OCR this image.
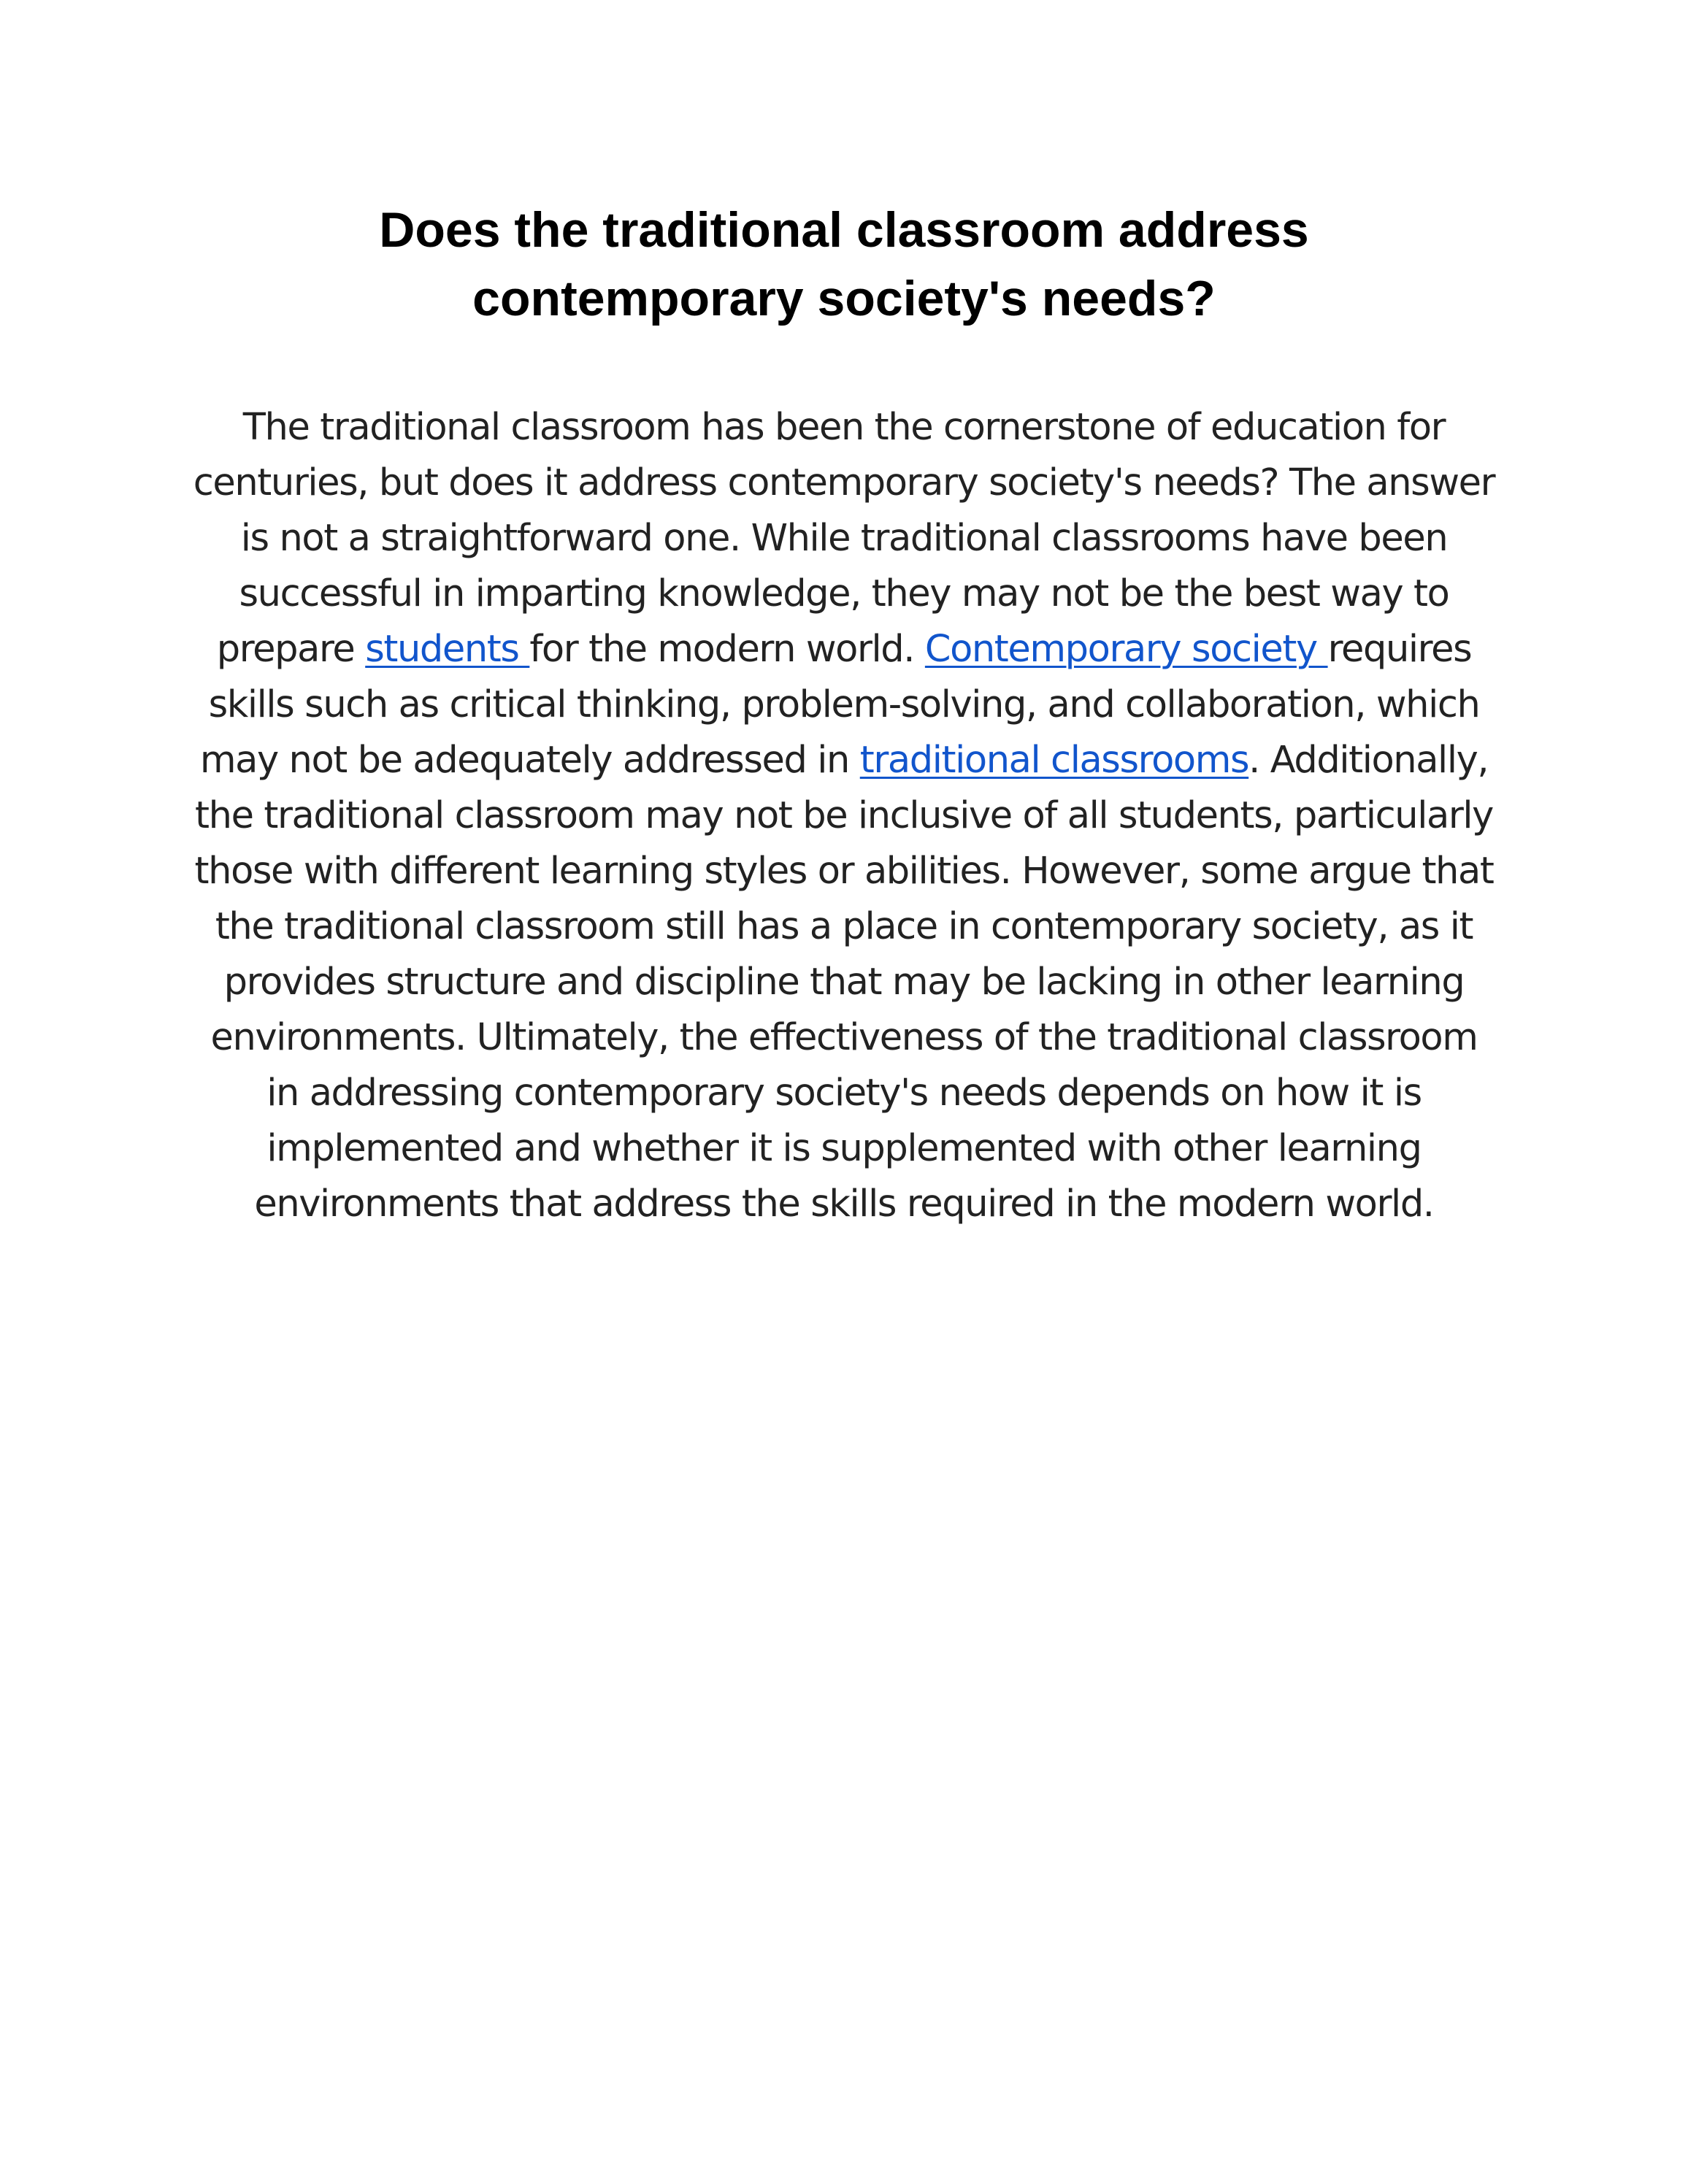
Does the traditional classroom address
contemporary society's needs?

The traditional classroom has been the cornerstone of education for centuries, but does it address contemporary society's needs? The answer is not a straightforward one. While traditional classrooms have been successful in imparting knowledge, they may not be the best way to prepare students for the modern world. Contemporary society requires skills such as critical thinking, problem-solving, and collaboration, which may not be adequately addressed in traditional classrooms. Additionally, the traditional classroom may not be inclusive of all students, particularly those with different learning styles or abilities. However, some argue that the traditional classroom still has a place in contemporary society, as it provides structure and discipline that may be lacking in other learning environments. Ultimately, the effectiveness of the traditional classroom in addressing contemporary society's needs depends on how it is implemented and whether it is supplemented with other learning environments that address the skills required in the modern world.
